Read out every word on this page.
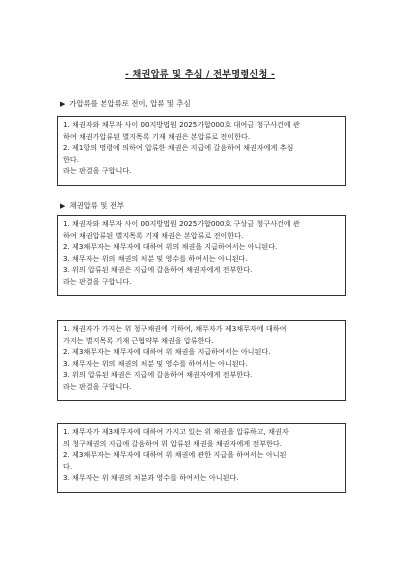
- 채권압류 및 추심 / 전부명령신청 -
▶ 가압류를 본압류로 전이, 압류 및 추심

1. 채권자와 채무자 사이 00지방법원 2025가합000호 대여금 청구사건에 관

하여 채권가압류된 별지목록 기재 채권은 본압류로 전이한다.

2. 제1항의 명령에 의하여 압류한 채권은 지급에 갈음하여 채권자에게 추심

한다.

라는 판결을 구합니다.

▶ 채권압류 및 전부

1. 채권자와 채무자 사이 00지방법원 2025가합000호 구상금 청구사건에 관

하여 채권압류된 별지목록 기재 채권은 본압류로 전이한다.

2. 제3채무자는 채무자에 대하여 위의 채권을 지급하여서는 아니된다.

3. 채무자는 위의 채권의 처분 및 영수를 하여서는 아니된다.

3. 위의 압류된 채권은 지급에 갈음하여 채권자에게 전부한다.

라는 판결을 구합니다.

1. 채권자가 가지는 위 청구채권에 기하여, 채무자가 제3채무자에 대하여

가지는 별지목록 기재 근협약부 채권을 압류한다.

2. 제3채무자는 채무자에 대하여 위 채권을 지급하여서는 아니된다.

3. 채무자는 위의 채권의 처분 및 영수를 하여서는 아니된다.

3. 위의 압류된 채권은 지급에 갈음하여 채권자에게 전부한다.

라는 판결을 구합니다.

1. 채무자가 제3채무자에 대하여 가지고 있는 위 채권을 압류하고, 채권자

의 청구채권의 지급에 갈음하여 위 압류된 채권을 채권자에게 전부한다.

2. 제3채무자는 채무자에 대하여 위 채권에 관한 지급을 하여서는 아니된

다.

3. 채무자는 위 채권의 처분과 영수를 하여서는 아니된다.
